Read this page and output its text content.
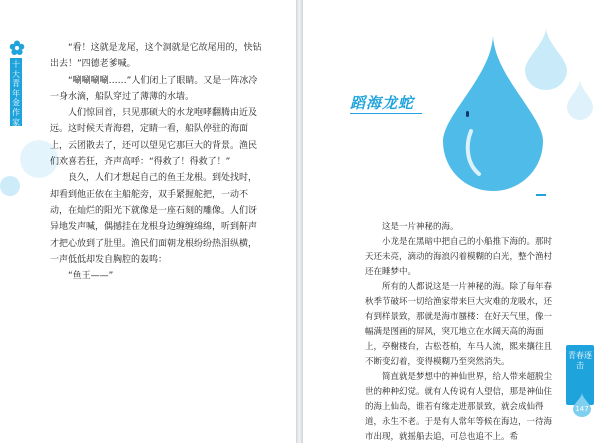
十大青年金作家丛书

“看！这就是龙尾，这个洞就是它故尾用的，快钻出去！”四德老爹喊。

“唰唰唰唰……”人们闭上了眼睛。又是一阵冰冷一身水滴，船队穿过了薄薄的水墙。

人们惊回首，只见那硕大的水龙咆哮翻腾由近及远。这时候天青海碧，定睛一看，船队停驻的海面上，云团散去了，还可以望见它那巨大的背景。渔民们欢喜若狂，齐声高呼：“得救了！得救了！”

良久，人们才想起自己的鱼王龙根。到处找时，却看到他正依在主船舵旁，双手紧握舵把，一动不动，在灿烂的阳光下就像是一座石刻的雕像。人们讶异地发声喊，偶撼挂在龙根身边缠缠绵绵，听到鼾声才把心放到了肚里。渔民们面朝龙根纷纷热泪纵横，一声低低却发自胸腔的轰鸣：

“鱼王——”

蹈海龙蛇

这是一片神秘的海。

小龙是在黑暗中把自己的小船推下海的。那时天还未亮，滴动的海浪闪着模糊的白光，整个渔村还在睡梦中。

所有的人都说这是一片神秘的海。除了每年春秋季节破坏一切给渔家带来巨大灾难的龙吸水，还有到样景致，那就是海市蜃楼：在好天气里，像一幅满是图画的屏风，突兀地立在水阔天高的海面上，亭榭楼台，古松苍柏，车马人流，熙来攘往且不断变幻着，变得模糊乃至突然消失。

简直就是梦想中的神仙世界，给人带来超脱尘世的种种幻觉。就有人传说有人望信，那是神仙住的海上仙岛，谁若有缘走进那景致，就会成仙得道，永生不老。于是有人常年等候在海边，一待海市出现，就摇船去追，可总也追不上。希

青春逐击
147
